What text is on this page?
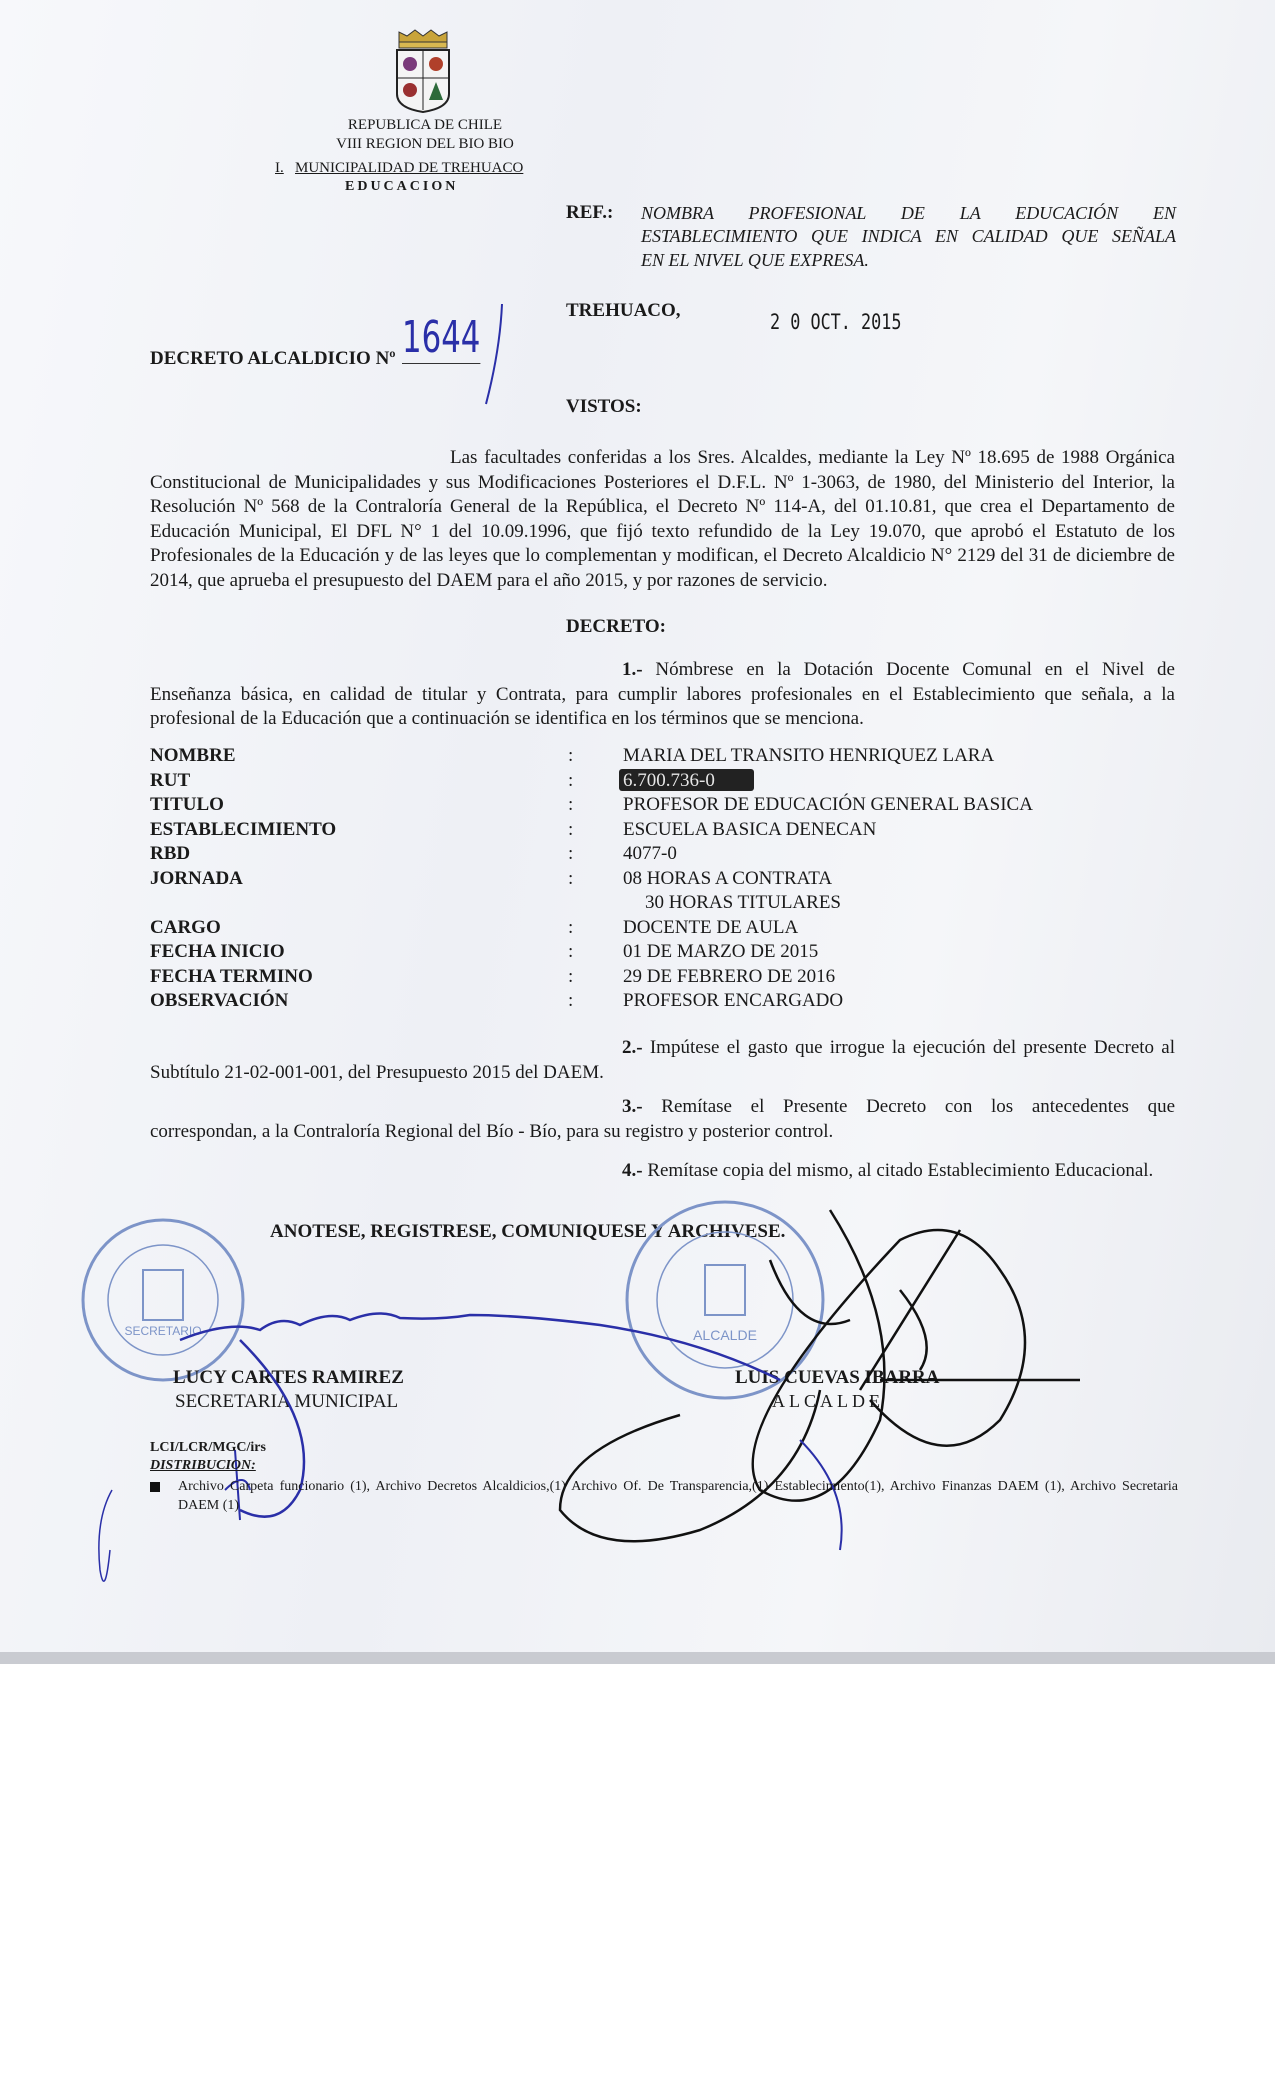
REPUBLICA DE CHILE
VIII REGION DEL BIO BIO
I. MUNICIPALIDAD DE TREHUACO
EDUCACION
REF.: NOMBRA PROFESIONAL DE LA EDUCACIÓN EN
ESTABLECIMIENTO QUE INDICA EN CALIDAD QUE SEÑALA
EN EL NIVEL QUE EXPRESA.
TREHUACO,	2 0 OCT. 2015
DECRETO ALCALDICIO Nº 1644
VISTOS:
Las facultades conferidas a los Sres. Alcaldes, mediante la Ley Nº 18.695 de 1988 Orgánica Constitucional de Municipalidades y sus Modificaciones Posteriores el D.F.L. Nº 1-3063, de 1980, del Ministerio del Interior, la Resolución Nº 568 de la Contraloría General de la República, el Decreto Nº 114-A, del 01.10.81, que crea el Departamento de Educación Municipal, El DFL N° 1 del 10.09.1996, que fijó texto refundido de la Ley 19.070, que aprobó el Estatuto de los Profesionales de la Educación y de las leyes que lo complementan y modifican, el Decreto Alcaldicio N° 2129 del 31 de diciembre de 2014, que aprueba el presupuesto del DAEM para el año 2015, y por razones de servicio.
DECRETO:
1.- Nómbrese en la Dotación Docente Comunal en el Nivel de Enseñanza básica, en calidad de titular y Contrata, para cumplir labores profesionales en el Establecimiento que señala, a la profesional de la Educación que a continuación se identifica en los términos que se menciona.
NOMBRE	:	MARIA DEL TRANSITO HENRIQUEZ LARA
RUT	:	6.700.736-0
TITULO	:	PROFESOR DE EDUCACIÓN GENERAL BASICA
ESTABLECIMIENTO	:	ESCUELA BASICA DENECAN
RBD	:	4077-0
JORNADA	:	08 HORAS A CONTRATA
30 HORAS TITULARES
CARGO	:	DOCENTE DE AULA
FECHA INICIO	:	01 DE MARZO DE 2015
FECHA TERMINO	:	29 DE FEBRERO DE 2016
OBSERVACIÓN	:	PROFESOR ENCARGADO
2.- Impútese el gasto que irrogue la ejecución del presente Decreto al Subtítulo 21-02-001-001, del Presupuesto 2015 del DAEM.
3.- Remítase el Presente Decreto con los antecedentes que correspondan, a la Contraloría Regional del Bío - Bío, para su registro y posterior control.
4.- Remítase copia del mismo, al citado Establecimiento Educacional.
ANOTESE, REGISTRESE, COMUNIQUESE Y ARCHIVESE.
SECRETARIO	ALCALDE
LUCY CARTES RAMIREZ
SECRETARIA MUNICIPAL
LUIS CUEVAS IBARRA
ALCALDE
LCI/LCR/MGC/irs
DISTRIBUCION:
Archivo Carpeta funcionario (1), Archivo Decretos Alcaldicios,(1) Archivo Of. De Transparencia,(1) Establecimiento(1), Archivo Finanzas DAEM (1), Archivo Secretaria DAEM (1)
